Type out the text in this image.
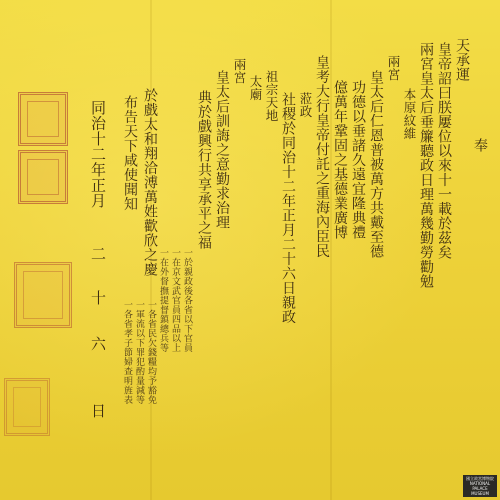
奉
天承運
皇帝詔曰朕屢位以來十一載於茲矣
兩宮皇太后垂簾聽政日理萬幾勤勞勸勉
本原紋維
兩宮
皇太后仁恩普被萬方共戴至德
功德以垂諸久遠宜隆典禮
億萬年鞏固之基德業廣博
皇考大行皇帝付託之重海內臣民
蒞政
社稷於同治十二年正月二十六日親政
祖宗天地
太廟
兩宮
皇太后訓誨之意勤求治理
典於戲興行共享承平之福
一於親政後各省以下官員
一在京文武官員四品以上
一在外督撫提督鎮總兵等
一各省民欠錢糧均予豁免
一軍流以下罪犯酌量減等
一各省孝子節婦查明旌表
於戲太和翔洽溥萬姓歡欣之慶
布告天下咸使聞知
同治十二年正月
二
十
六
日
國立故宮博物院
NATIONAL PALACE MUSEUM
